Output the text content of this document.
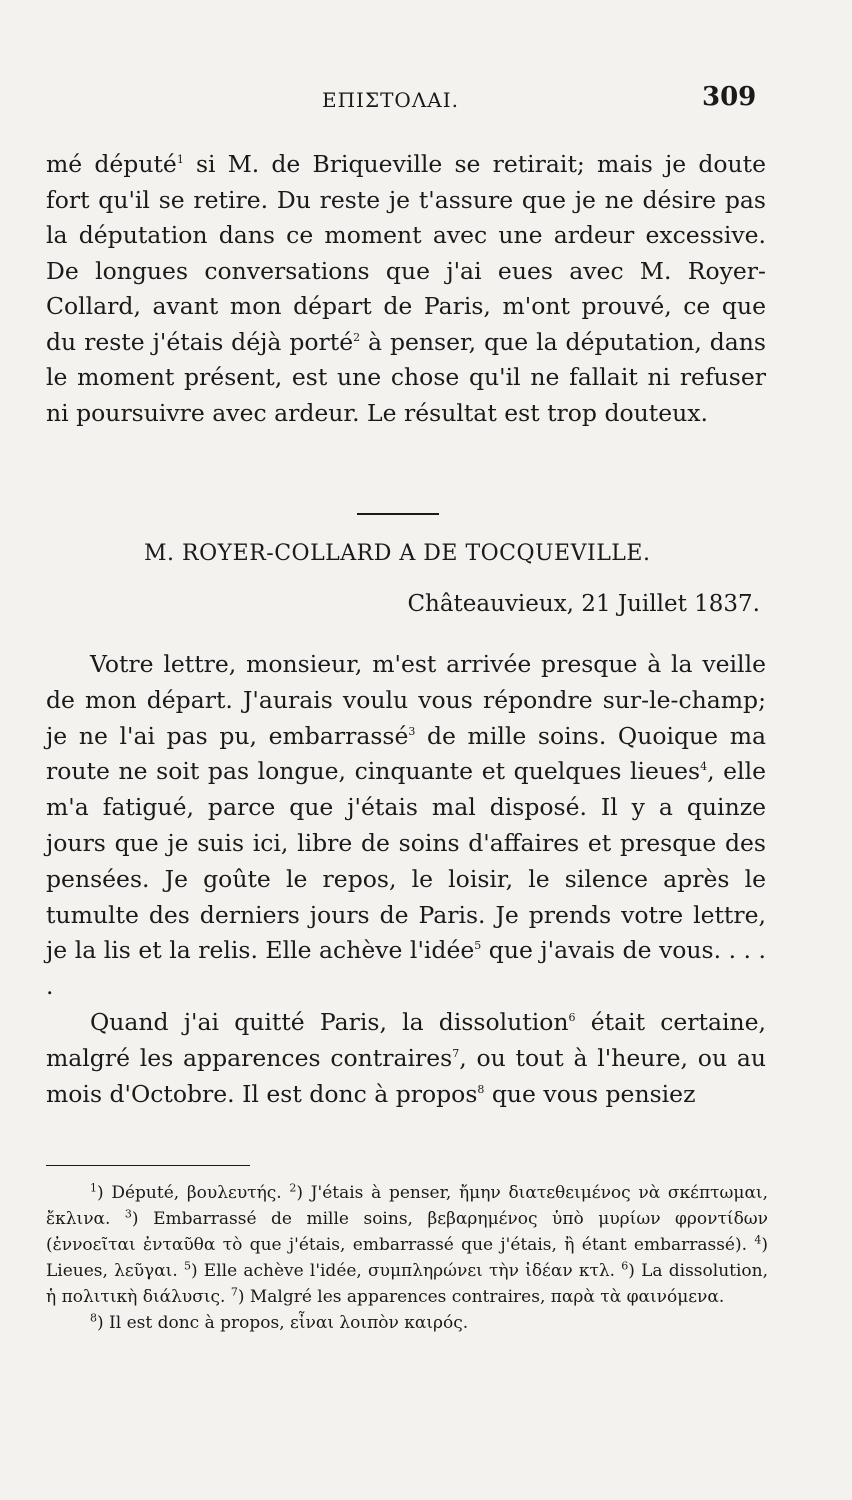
ΕΠΙΣΤΟΛΑΙ.	309

mé député$^1$ si M. de Briqueville se retirait; mais je doute fort qu'il se retire. Du reste je t'assure que je ne désire pas la députation dans ce moment avec une ardeur excessive. De longues conversations que j'ai eues avec M. Royer-Collard, avant mon départ de Paris, m'ont prouvé, ce que du reste j'étais déjà porté$^2$ à penser, que la députation, dans le moment présent, est une chose qu'il ne fallait ni refuser ni poursuivre avec ardeur. Le résultat est trop douteux.

M. ROYER-COLLARD A DE TOCQUEVILLE.
Châteauvieux, 21 Juillet 1837.

Votre lettre, monsieur, m'est arrivée presque à la veille de mon départ. J'aurais voulu vous répondre sur-le-champ; je ne l'ai pas pu, embarrassé$^3$ de mille soins. Quoique ma route ne soit pas longue, cinquante et quelques lieues$^4$, elle m'a fatigué, parce que j'étais mal disposé. Il y a quinze jours que je suis ici, libre de soins d'affaires et presque des pensées. Je goûte le repos, le loisir, le silence après le tumulte des derniers jours de Paris. Je prends votre lettre, je la lis et la relis. Elle achève l'idée$^5$ que j'avais de vous. . . . .

Quand j'ai quitté Paris, la dissolution$^6$ était certaine, malgré les apparences contraires$^7$, ou tout à l'heure, ou au mois d'Octobre. Il est donc à propos$^8$ que vous pensiez

$^1$) Député, βουλευτής. $^2$) J'étais à penser, ἤμην διατεθειμένος νὰ σκέπτωμαι, ἔκλινα. $^3$) Embarrassé de mille soins, βεβαρημένος ὑπὸ μυρίων φροντίδων (ἐννοεῖται ἐνταῦθα τὸ que j'étais, embarrassé que j'étais, ἢ étant embarrassé). $^4$) Lieues, λεῦγαι. $^5$) Elle achève l'idée, συμπληρώνει τὴν ἰδέαν κτλ. $^6$) La dissolution, ἡ πολιτικὴ διάλυσις. $^7$) Malgré les apparences contraires, παρὰ τὰ φαινόμενα.

$^8$) Il est donc à propos, εἶναι λοιπὸν καιρός.
